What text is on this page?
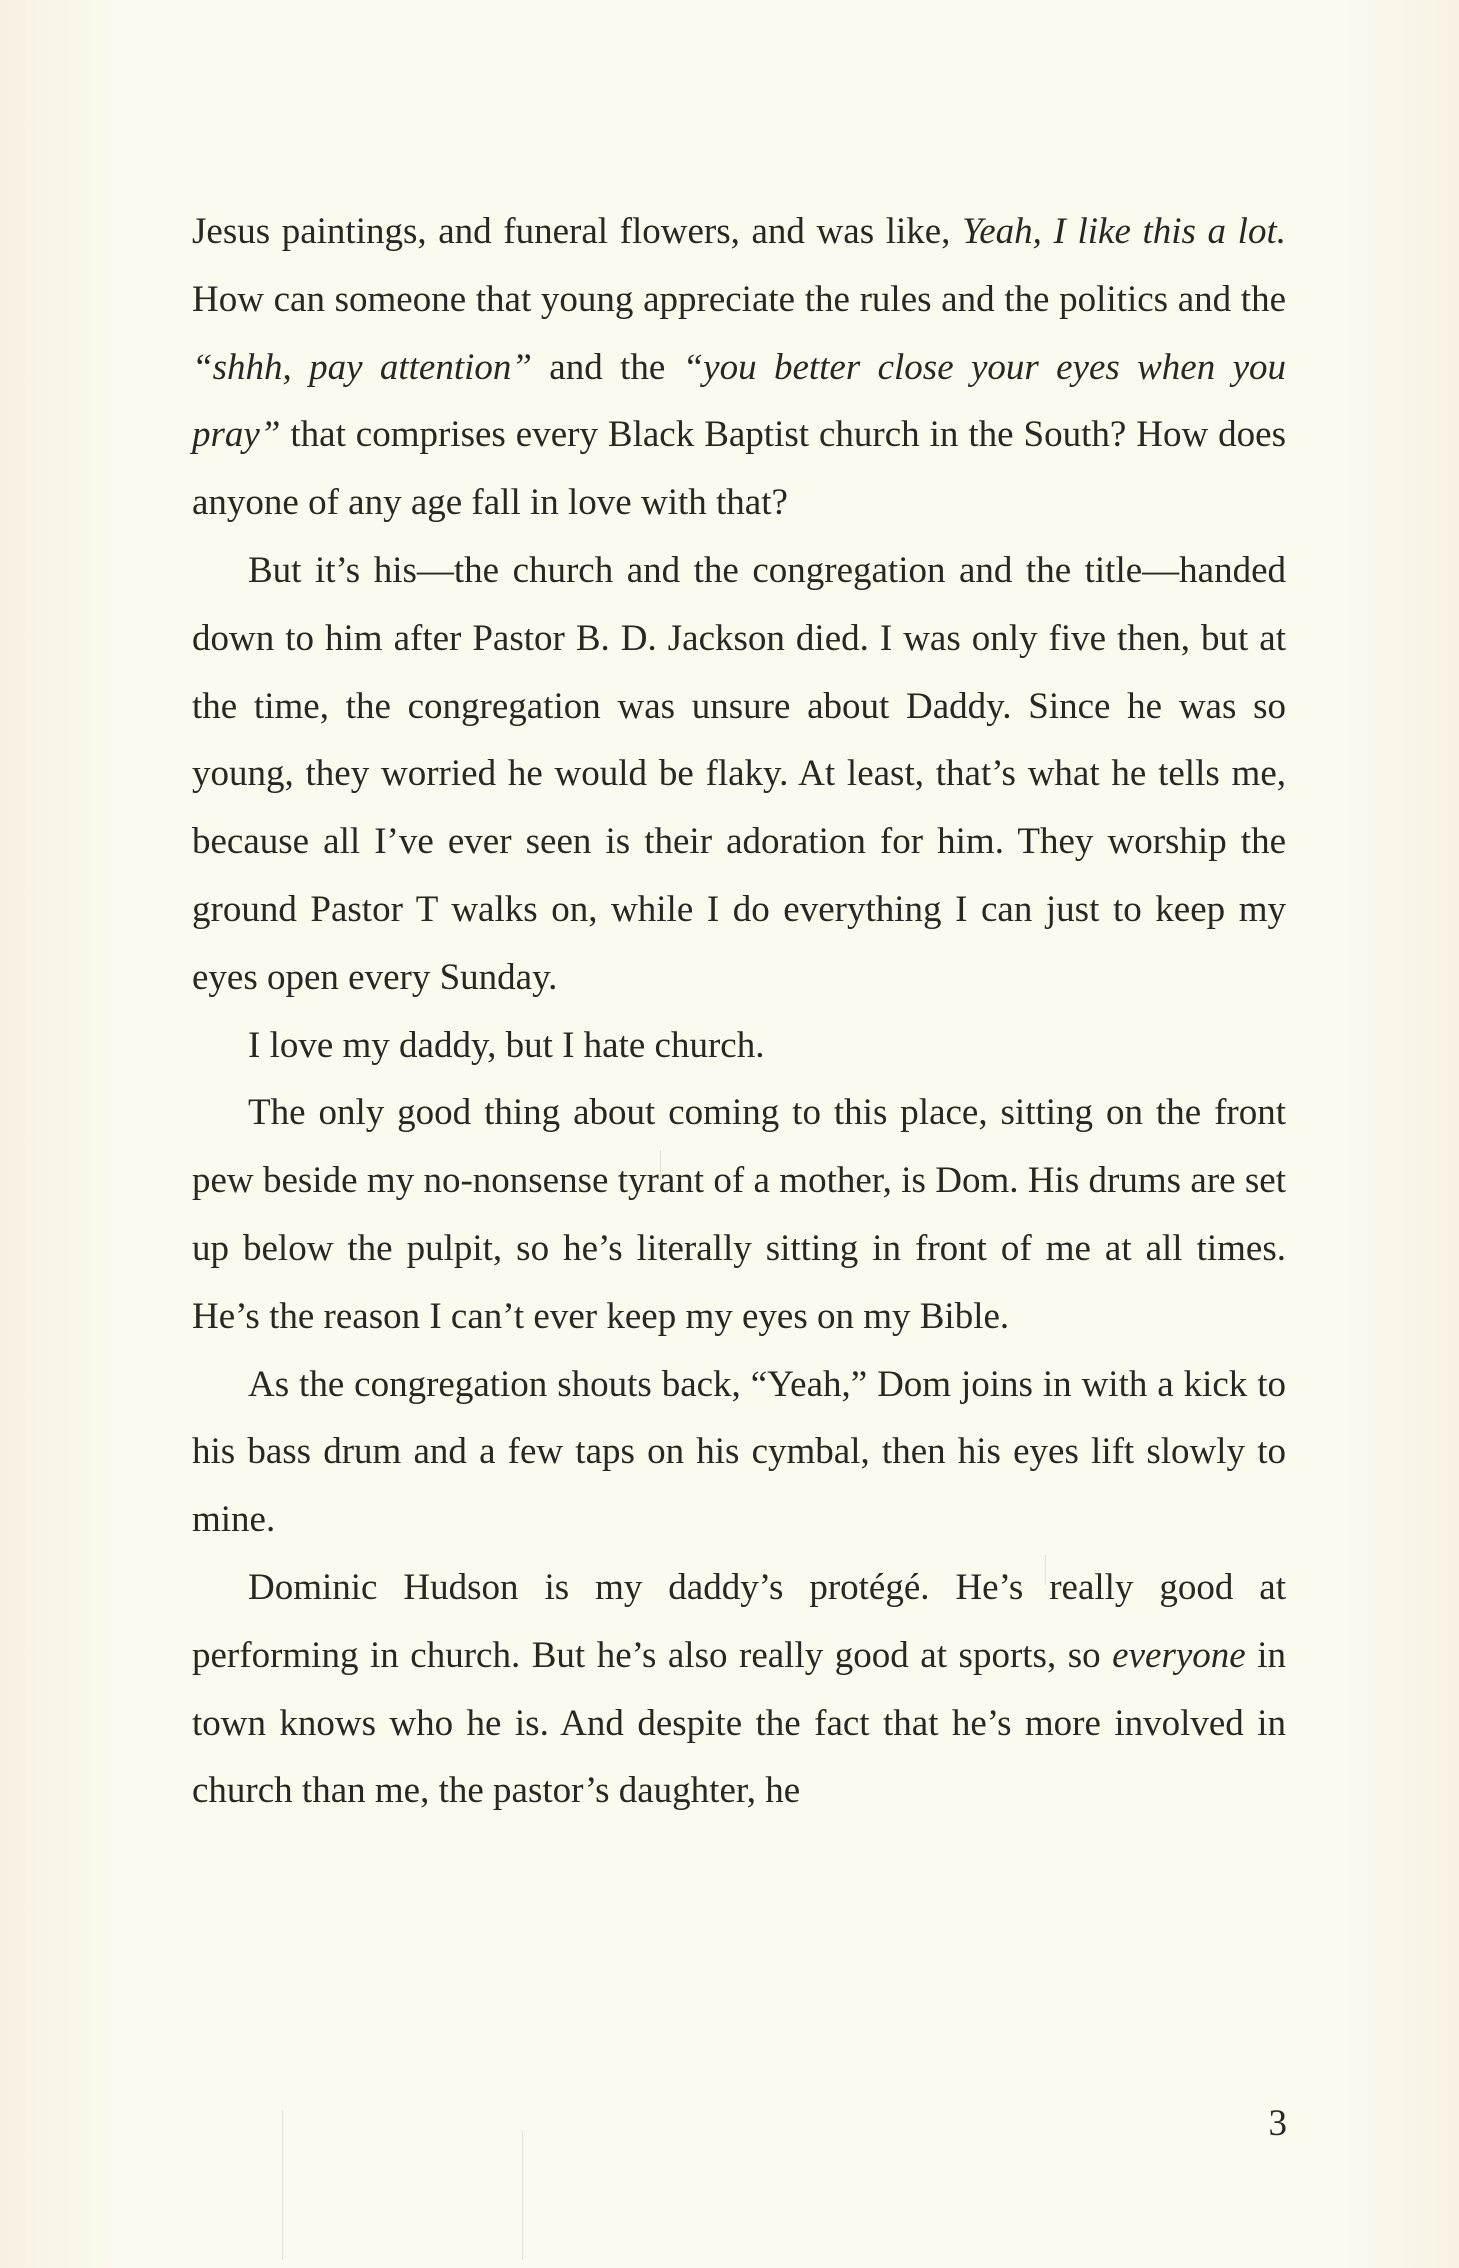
Jesus paintings, and funeral flowers, and was like, Yeah, I like this a lot. How can someone that young appreciate the rules and the politics and the “shhh, pay attention” and the “you better close your eyes when you pray” that comprises every Black Baptist church in the South? How does anyone of any age fall in love with that?

But it’s his—the church and the congregation and the title—handed down to him after Pastor B. D. Jackson died. I was only five then, but at the time, the congregation was unsure about Daddy. Since he was so young, they worried he would be flaky. At least, that’s what he tells me, because all I’ve ever seen is their adoration for him. They worship the ground Pastor T walks on, while I do everything I can just to keep my eyes open every Sunday.

I love my daddy, but I hate church.

The only good thing about coming to this place, sitting on the front pew beside my no-nonsense tyrant of a mother, is Dom. His drums are set up below the pulpit, so he’s literally sitting in front of me at all times. He’s the reason I can’t ever keep my eyes on my Bible.

As the congregation shouts back, “Yeah,” Dom joins in with a kick to his bass drum and a few taps on his cymbal, then his eyes lift slowly to mine.

Dominic Hudson is my daddy’s protégé. He’s really good at performing in church. But he’s also really good at sports, so everyone in town knows who he is. And despite the fact that he’s more involved in church than me, the pastor’s daughter, he

3
